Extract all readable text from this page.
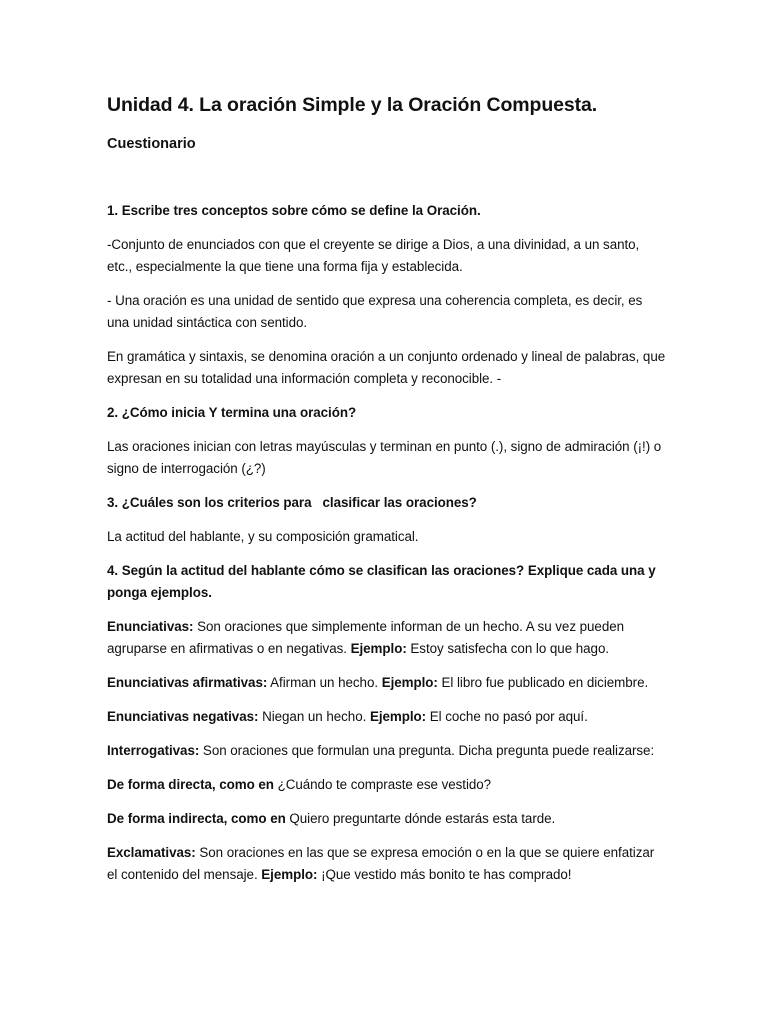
Unidad 4. La oración Simple y la Oración Compuesta.
Cuestionario

1. Escribe tres conceptos sobre cómo se define la Oración.

-Conjunto de enunciados con que el creyente se dirige a Dios, a una divinidad, a un santo, etc., especialmente la que tiene una forma fija y establecida.

- Una oración es una unidad de sentido que expresa una coherencia completa, es decir, es una unidad sintáctica con sentido.

En gramática y sintaxis, se denomina oración a un conjunto ordenado y lineal de palabras, que expresan en su totalidad una información completa y reconocible. -

2. ¿Cómo inicia Y termina una oración?

Las oraciones inician con letras mayúsculas y terminan en punto (.), signo de admiración (¡!) o signo de interrogación (¿?)

3. ¿Cuáles son los criterios para   clasificar las oraciones?

La actitud del hablante, y su composición gramatical.

4. Según la actitud del hablante cómo se clasifican las oraciones? Explique cada una y ponga ejemplos.

Enunciativas: Son oraciones que simplemente informan de un hecho. A su vez pueden agruparse en afirmativas o en negativas. Ejemplo: Estoy satisfecha con lo que hago.

Enunciativas afirmativas: Afirman un hecho. Ejemplo: El libro fue publicado en diciembre.

Enunciativas negativas: Niegan un hecho. Ejemplo: El coche no pasó por aquí.

Interrogativas: Son oraciones que formulan una pregunta. Dicha pregunta puede realizarse:

De forma directa, como en ¿Cuándo te compraste ese vestido?

De forma indirecta, como en Quiero preguntarte dónde estarás esta tarde.

Exclamativas: Son oraciones en las que se expresa emoción o en la que se quiere enfatizar el contenido del mensaje. Ejemplo: ¡Que vestido más bonito te has comprado!
